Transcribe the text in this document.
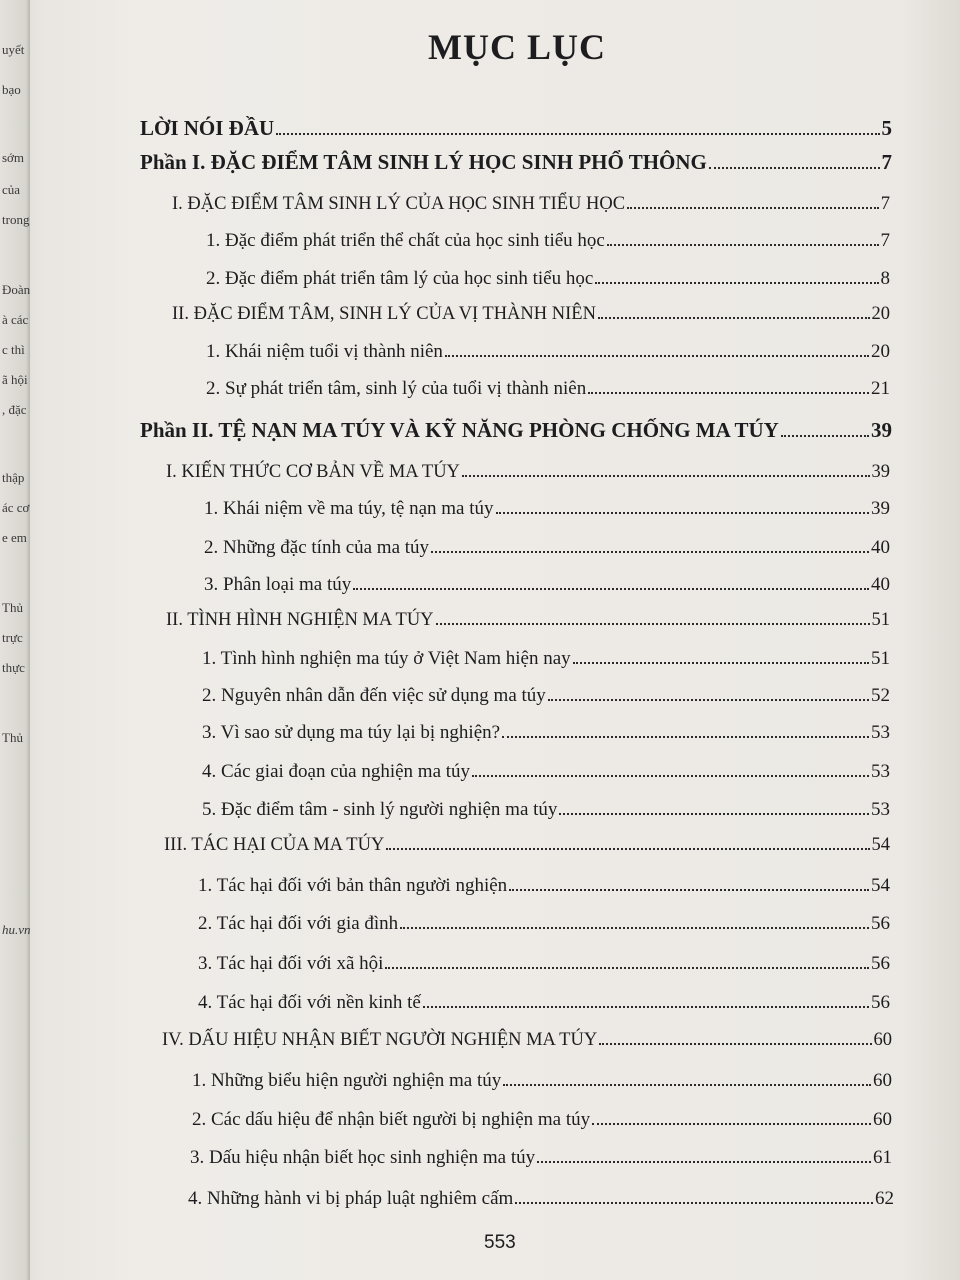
uyết
bạo
sớm
của
trong
Đoàn
à các
c thì
ã hội
, đặc
thập
ác cơ
e em
Thủ
trực
thực
Thủ
hu.vn
MỤC LỤC
LỜI NÓI ĐẦU	5
Phần I. ĐẶC ĐIỂM TÂM SINH LÝ HỌC SINH PHỔ THÔNG	7
I. ĐẶC ĐIỂM TÂM SINH LÝ CỦA HỌC SINH TIỂU HỌC	7
1. Đặc điểm phát triển thể chất của học sinh tiểu học	7
2. Đặc điểm phát triển tâm lý của học sinh tiểu học	8
II. ĐẶC ĐIỂM TÂM, SINH LÝ CỦA VỊ THÀNH NIÊN	20
1. Khái niệm tuổi vị thành niên	20
2. Sự phát triển tâm, sinh lý của tuổi vị thành niên	21
Phần II. TỆ NẠN MA TÚY VÀ KỸ NĂNG PHÒNG CHỐNG MA TÚY	39
I. KIẾN THỨC CƠ BẢN VỀ MA TÚY	39
1. Khái niệm về ma túy, tệ nạn ma túy	39
2. Những đặc tính của ma túy	40
3. Phân loại ma túy	40
II. TÌNH HÌNH NGHIỆN MA TÚY	51
1. Tình hình nghiện ma túy ở Việt Nam hiện nay	51
2. Nguyên nhân dẫn đến việc sử dụng ma túy	52
3. Vì sao sử dụng ma túy lại bị nghiện?	53
4. Các giai đoạn của nghiện ma túy	53
5. Đặc điểm tâm - sinh lý người nghiện ma túy	53
III. TÁC HẠI CỦA MA TÚY	54
1. Tác hại đối với bản thân người nghiện	54
2. Tác hại đối với gia đình	56
3. Tác hại đối với xã hội	56
4. Tác hại đối với nền kinh tế	56
IV. DẤU HIỆU NHẬN BIẾT NGƯỜI NGHIỆN MA TÚY	60
1. Những biểu hiện người nghiện ma túy	60
2. Các dấu hiệu để nhận biết người bị nghiện ma túy	60
3. Dấu hiệu nhận biết học sinh nghiện ma túy	61
4. Những hành vi bị pháp luật nghiêm cấm	62
553
